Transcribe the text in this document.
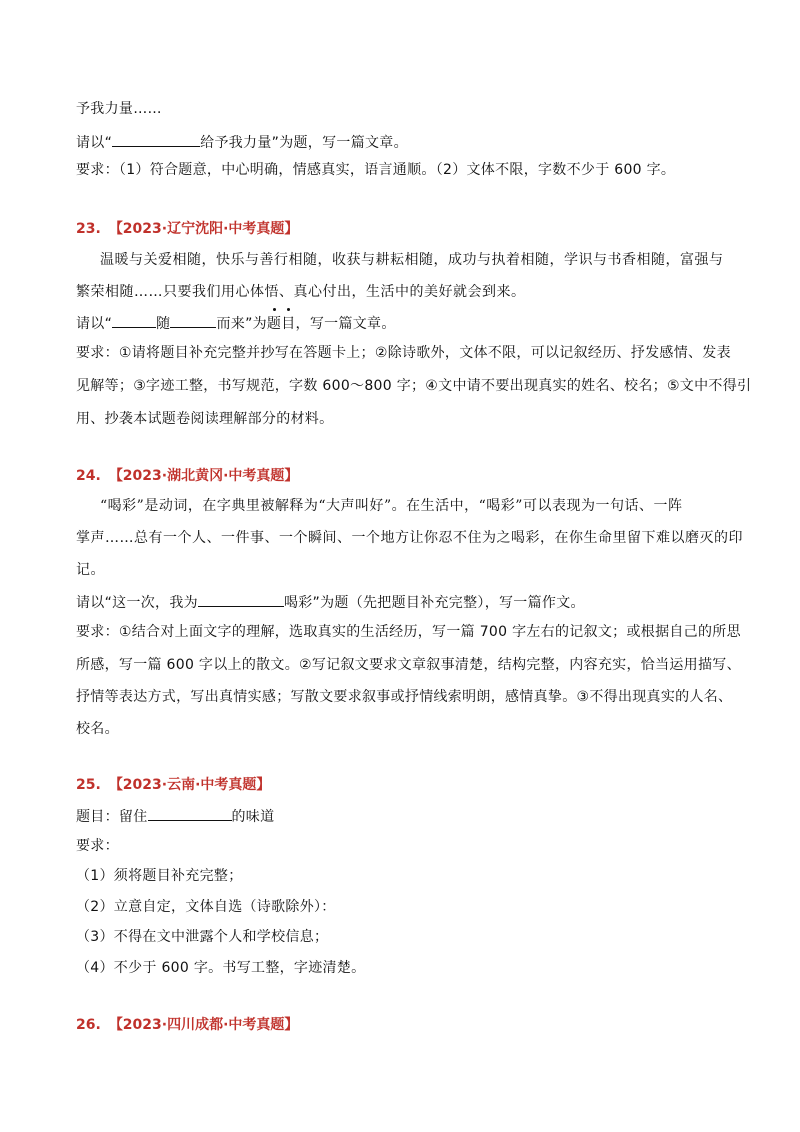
予我力量……
请以“	给予我力量”为题，写一篇文章。
要求：（1）符合题意，中心明确，情感真实，语言通顺。（2）文体不限，字数不少于 600 字。
23. 【2023·辽宁沈阳·中考真题】
温暖与关爱相随，快乐与善行相随，收获与耕耘相随，成功与执着相随，学识与书香相随，富强与
繁荣相随……只要我们用心体悟、真心付出，生活中的美好就会到来。
请以“	随	而来”为
题
目，写一篇文章。
要求：①请将题目补充完整并抄写在答题卡上；②除诗歌外，文体不限，可以记叙经历、抒发感情、发表
见解等；③字迹工整，书写规范，字数 600～800 字；④文中请不要出现真实的姓名、校名；⑤文中不得引
用、抄袭本试题卷阅读理解部分的材料。
24. 【2023·湖北黄冈·中考真题】
“喝彩”是动词，在字典里被解释为“大声叫好”。在生活中，“喝彩”可以表现为一句话、一阵
掌声……总有一个人、一件事、一个瞬间、一个地方让你忍不住为之喝彩，在你生命里留下难以磨灭的印
记。
请以“这一次，我为	喝彩”为题（先把题目补充完整），写一篇作文。
要求：①结合对上面文字的理解，选取真实的生活经历，写一篇 700 字左右的记叙文；或根据自己的所思
所感，写一篇 600 字以上的散文。②写记叙文要求文章叙事清楚，结构完整，内容充实，恰当运用描写、
抒情等表达方式，写出真情实感；写散文要求叙事或抒情线索明朗，感情真挚。③不得出现真实的人名、
校名。
25. 【2023·云南·中考真题】
题目：留住	的味道
要求：
（1）须将题目补充完整；
（2）立意自定，文体自选（诗歌除外）：
（3）不得在文中泄露个人和学校信息；
（4）不少于 600 字。书写工整，字迹清楚。
26. 【2023·四川成都·中考真题】
